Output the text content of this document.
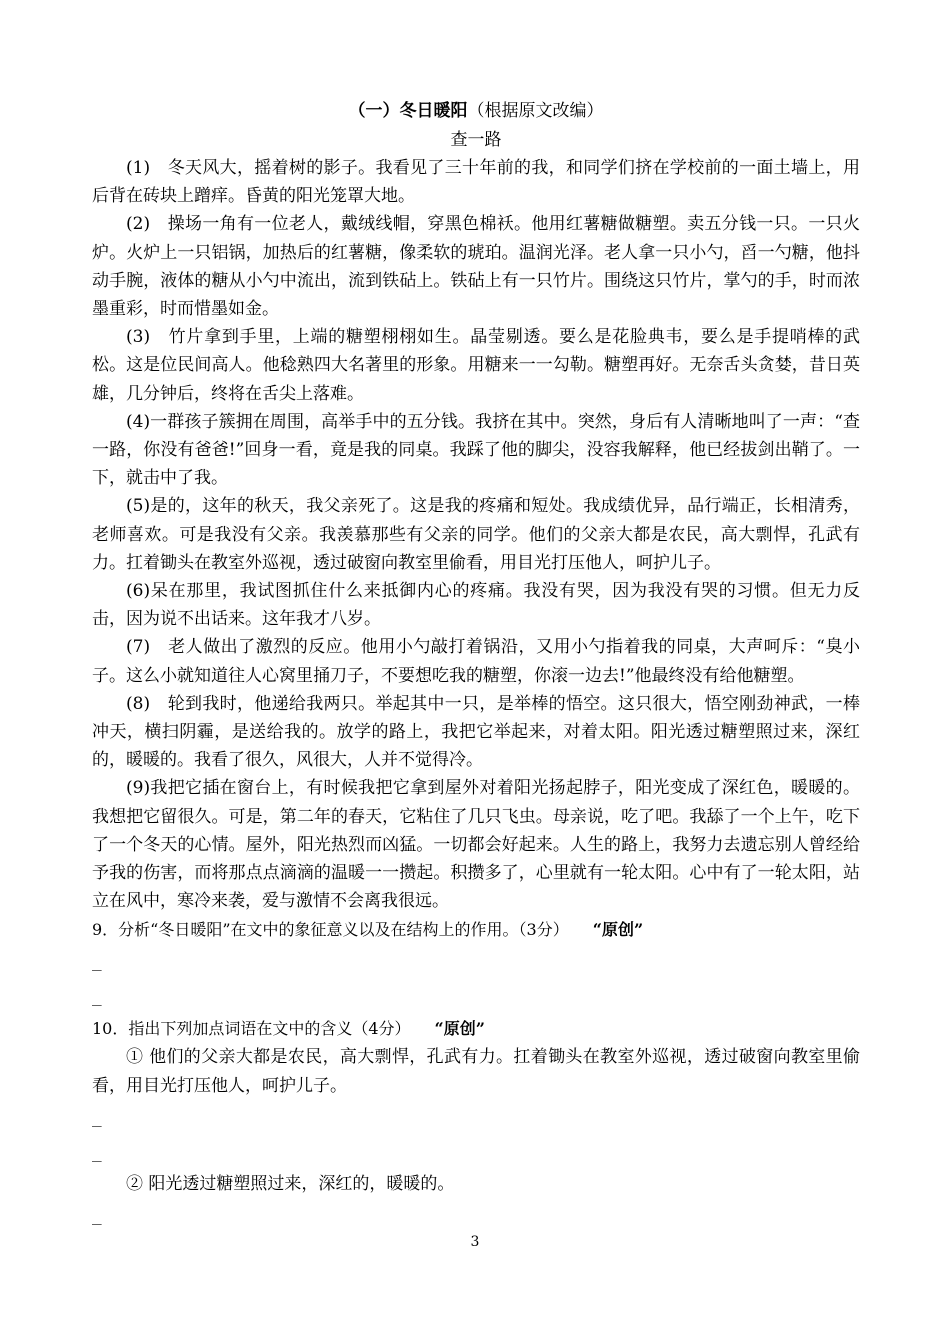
（一）冬日暖阳（根据原文改编）
查一路

(1)　冬天风大，摇着树的影子。我看见了三十年前的我，和同学们挤在学校前的一面土墙上，用后背在砖块上蹭痒。昏黄的阳光笼罩大地。

(2)　操场一角有一位老人，戴绒线帽，穿黑色棉袄。他用红薯糖做糖塑。卖五分钱一只。一只火炉。火炉上一只铝锅，加热后的红薯糖，像柔软的琥珀。温润光泽。老人拿一只小勺，舀一勺糖，他抖动手腕，液体的糖从小勺中流出，流到铁砧上。铁砧上有一只竹片。围绕这只竹片，掌勺的手，时而浓墨重彩，时而惜墨如金。

(3)　竹片拿到手里，上端的糖塑栩栩如生。晶莹剔透。要么是花脸典韦，要么是手提哨棒的武松。这是位民间高人。他稔熟四大名著里的形象。用糖来一一勾勒。糖塑再好。无奈舌头贪婪，昔日英雄，几分钟后，终将在舌尖上落难。

(4)一群孩子簇拥在周围，高举手中的五分钱。我挤在其中。突然，身后有人清晰地叫了一声：“查一路，你没有爸爸!”回身一看，竟是我的同桌。我踩了他的脚尖，没容我解释，他已经拔剑出鞘了。一下，就击中了我。

(5)是的，这年的秋天，我父亲死了。这是我的疼痛和短处。我成绩优异，品行端正，长相清秀，老师喜欢。可是我没有父亲。我羡慕那些有父亲的同学。他们的父亲大都是农民，高大剽悍，孔武有力。扛着锄头在教室外巡视，透过破窗向教室里偷看，用目光打压他人，呵护儿子。

(6)呆在那里，我试图抓住什么来抵御内心的疼痛。我没有哭，因为我没有哭的习惯。但无力反击，因为说不出话来。这年我才八岁。

(7)　老人做出了激烈的反应。他用小勺敲打着锅沿，又用小勺指着我的同桌，大声呵斥：“臭小子。这么小就知道往人心窝里捅刀子，不要想吃我的糖塑，你滚一边去!”他最终没有给他糖塑。

(8)　轮到我时，他递给我两只。举起其中一只，是举棒的悟空。这只很大，悟空刚劲神武，一棒冲天，横扫阴霾，是送给我的。放学的路上，我把它举起来，对着太阳。阳光透过糖塑照过来，深红的，暖暖的。我看了很久，风很大，人并不觉得冷。

(9)我把它插在窗台上，有时候我把它拿到屋外对着阳光扬起脖子，阳光变成了深红色，暖暖的。我想把它留很久。可是，第二年的春天，它粘住了几只飞虫。母亲说，吃了吧。我舔了一个上午，吃下了一个冬天的心情。屋外，阳光热烈而凶猛。一切都会好起来。人生的路上，我努力去遗忘别人曾经给予我的伤害，而将那点点滴滴的温暖一一攒起。积攒多了，心里就有一轮太阳。心中有了一轮太阳，站立在风中，寒冷来袭，爱与激情不会离我很远。

9．分析“冬日暖阳”在文中的象征意义以及在结构上的作用。（3分） “原创”
_
_
10．指出下列加点词语在文中的含义（4分） “原创”

① 他们的父亲大都是农民，高大剽悍，孔武有力。扛着锄头在教室外巡视，透过破窗向教室里偷看，用目光打压他人，呵护儿子。

_
_

② 阳光透过糖塑照过来，深红的，暖暖的。

_
3
